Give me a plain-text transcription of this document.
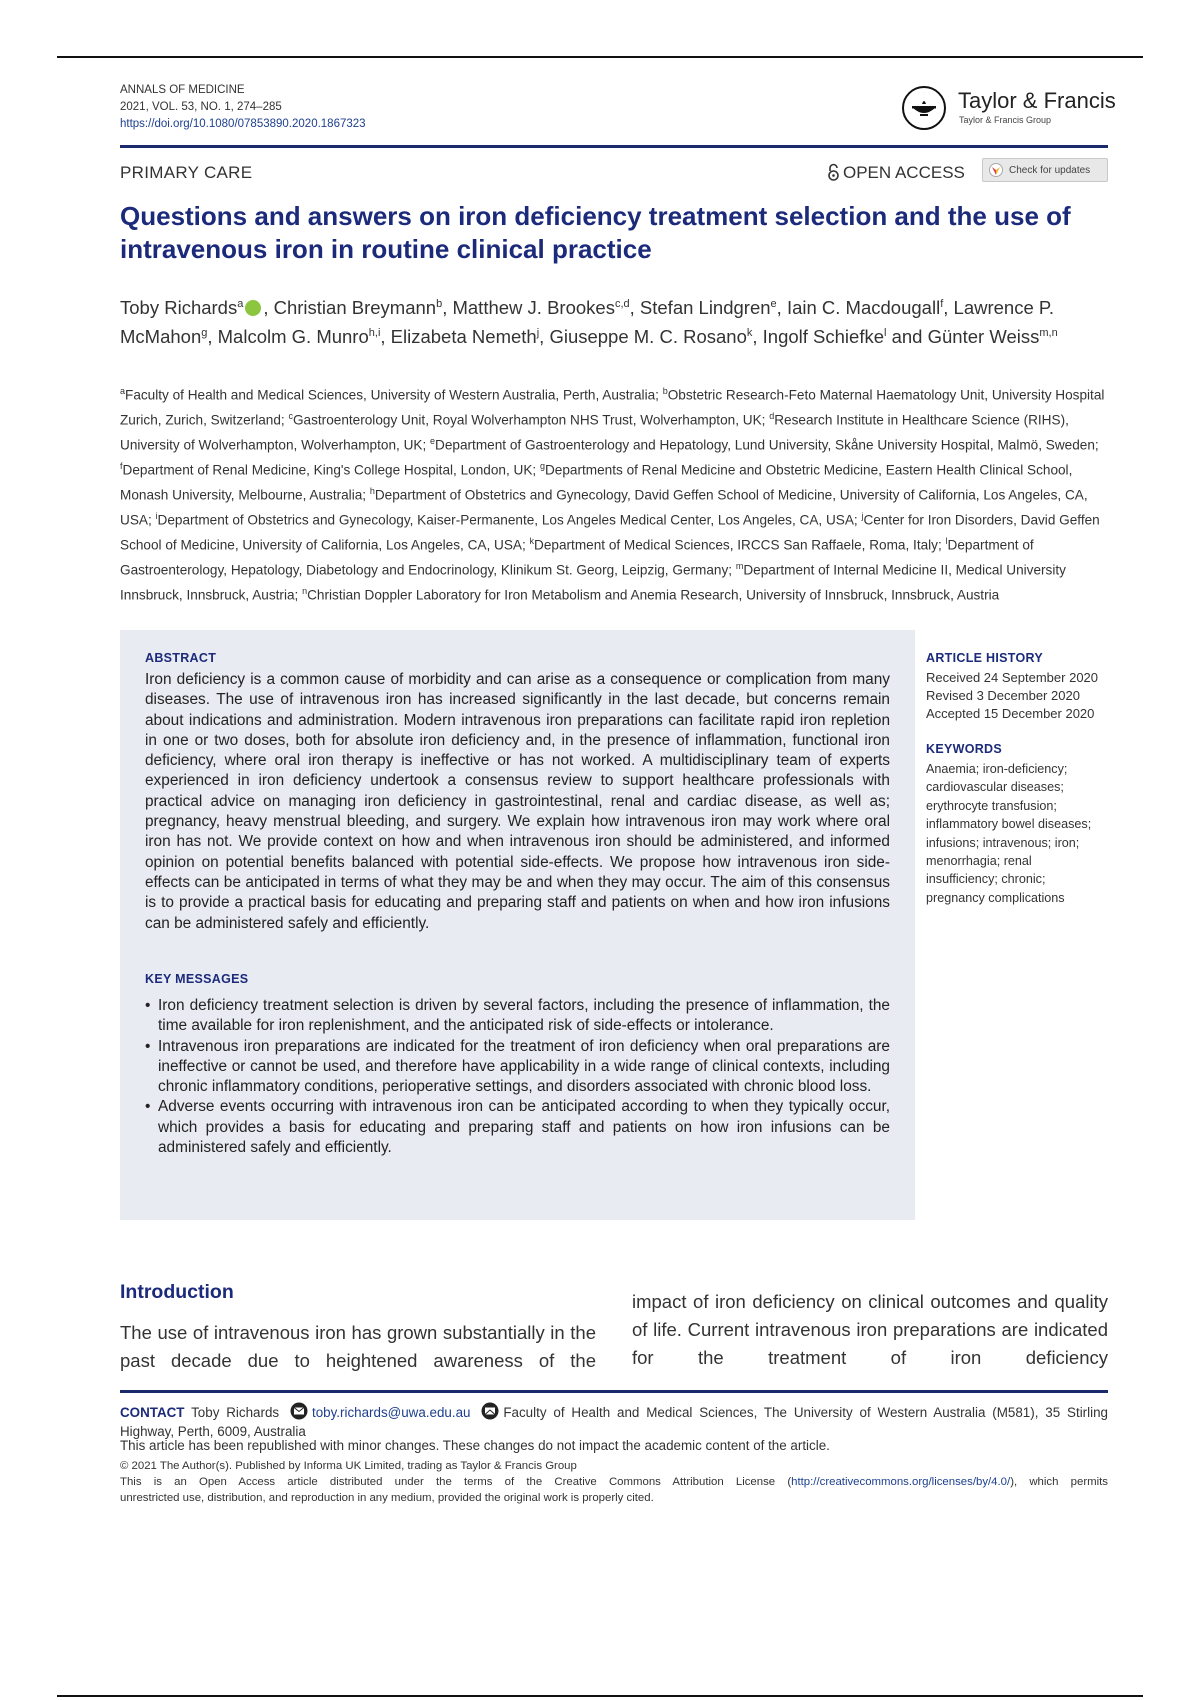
ANNALS OF MEDICINE
2021, VOL. 53, NO. 1, 274–285
https://doi.org/10.1080/07853890.2020.1867323
Taylor & Francis
Taylor & Francis Group
PRIMARY CARE	OPEN ACCESS	Check for updates
Questions and answers on iron deficiency treatment selection and the use of intravenous iron in routine clinical practice
Toby Richards$^a$ , Christian Breymann$^b$, Matthew J. Brookes$^{c,d}$, Stefan Lindgren$^e$, Iain C. Macdougall$^f$, Lawrence P. McMahon$^g$, Malcolm G. Munro$^{h,i}$, Elizabeta Nemeth$^j$, Giuseppe M. C. Rosano$^k$, Ingolf Schiefke$^l$ and Günter Weiss$^{m,n}$
$^a$Faculty of Health and Medical Sciences, University of Western Australia, Perth, Australia; $^b$Obstetric Research-Feto Maternal Haematology Unit, University Hospital Zurich, Zurich, Switzerland; $^c$Gastroenterology Unit, Royal Wolverhampton NHS Trust, Wolverhampton, UK; $^d$Research Institute in Healthcare Science (RIHS), University of Wolverhampton, Wolverhampton, UK; $^e$Department of Gastroenterology and Hepatology, Lund University, Skåne University Hospital, Malmö, Sweden; $^f$Department of Renal Medicine, King's College Hospital, London, UK; $^g$Departments of Renal Medicine and Obstetric Medicine, Eastern Health Clinical School, Monash University, Melbourne, Australia; $^h$Department of Obstetrics and Gynecology, David Geffen School of Medicine, University of California, Los Angeles, CA, USA; $^i$Department of Obstetrics and Gynecology, Kaiser-Permanente, Los Angeles Medical Center, Los Angeles, CA, USA; $^j$Center for Iron Disorders, David Geffen School of Medicine, University of California, Los Angeles, CA, USA; $^k$Department of Medical Sciences, IRCCS San Raffaele, Roma, Italy; $^l$Department of Gastroenterology, Hepatology, Diabetology and Endocrinology, Klinikum St. Georg, Leipzig, Germany; $^m$Department of Internal Medicine II, Medical University Innsbruck, Innsbruck, Austria; $^n$Christian Doppler Laboratory for Iron Metabolism and Anemia Research, University of Innsbruck, Innsbruck, Austria
ABSTRACT
Iron deficiency is a common cause of morbidity and can arise as a consequence or complication from many diseases. The use of intravenous iron has increased significantly in the last decade, but concerns remain about indications and administration. Modern intravenous iron preparations can facilitate rapid iron repletion in one or two doses, both for absolute iron deficiency and, in the presence of inflammation, functional iron deficiency, where oral iron therapy is ineffective or has not worked. A multidisciplinary team of experts experienced in iron deficiency undertook a consensus review to support healthcare professionals with practical advice on managing iron deficiency in gastrointestinal, renal and cardiac disease, as well as; pregnancy, heavy menstrual bleeding, and surgery. We explain how intravenous iron may work where oral iron has not. We provide context on how and when intravenous iron should be administered, and informed opinion on potential benefits balanced with potential side-effects. We propose how intravenous iron side-effects can be anticipated in terms of what they may be and when they may occur. The aim of this consensus is to provide a practical basis for educating and preparing staff and patients on when and how iron infusions can be administered safely and efficiently.
KEY MESSAGES
• Iron deficiency treatment selection is driven by several factors, including the presence of inflammation, the time available for iron replenishment, and the anticipated risk of side-effects or intolerance.
• Intravenous iron preparations are indicated for the treatment of iron deficiency when oral preparations are ineffective or cannot be used, and therefore have applicability in a wide range of clinical contexts, including chronic inflammatory conditions, perioperative settings, and disorders associated with chronic blood loss.
• Adverse events occurring with intravenous iron can be anticipated according to when they typically occur, which provides a basis for educating and preparing staff and patients on how iron infusions can be administered safely and efficiently.
ARTICLE HISTORY
Received 24 September 2020
Revised 3 December 2020
Accepted 15 December 2020
KEYWORDS
Anaemia; iron-deficiency; cardiovascular diseases; erythrocyte transfusion; inflammatory bowel diseases; infusions; intravenous; iron; menorrhagia; renal insufficiency; chronic; pregnancy complications
Introduction
The use of intravenous iron has grown substantially in the past decade due to heightened awareness of the
impact of iron deficiency on clinical outcomes and quality of life. Current intravenous iron preparations are indicated for the treatment of iron deficiency
CONTACT Toby Richards toby.richards@uwa.edu.au Faculty of Health and Medical Sciences, The University of Western Australia (M581), 35 Stirling Highway, Perth, 6009, Australia
This article has been republished with minor changes. These changes do not impact the academic content of the article.
© 2021 The Author(s). Published by Informa UK Limited, trading as Taylor & Francis Group
This is an Open Access article distributed under the terms of the Creative Commons Attribution License (http://creativecommons.org/licenses/by/4.0/), which permits
unrestricted use, distribution, and reproduction in any medium, provided the original work is properly cited.
